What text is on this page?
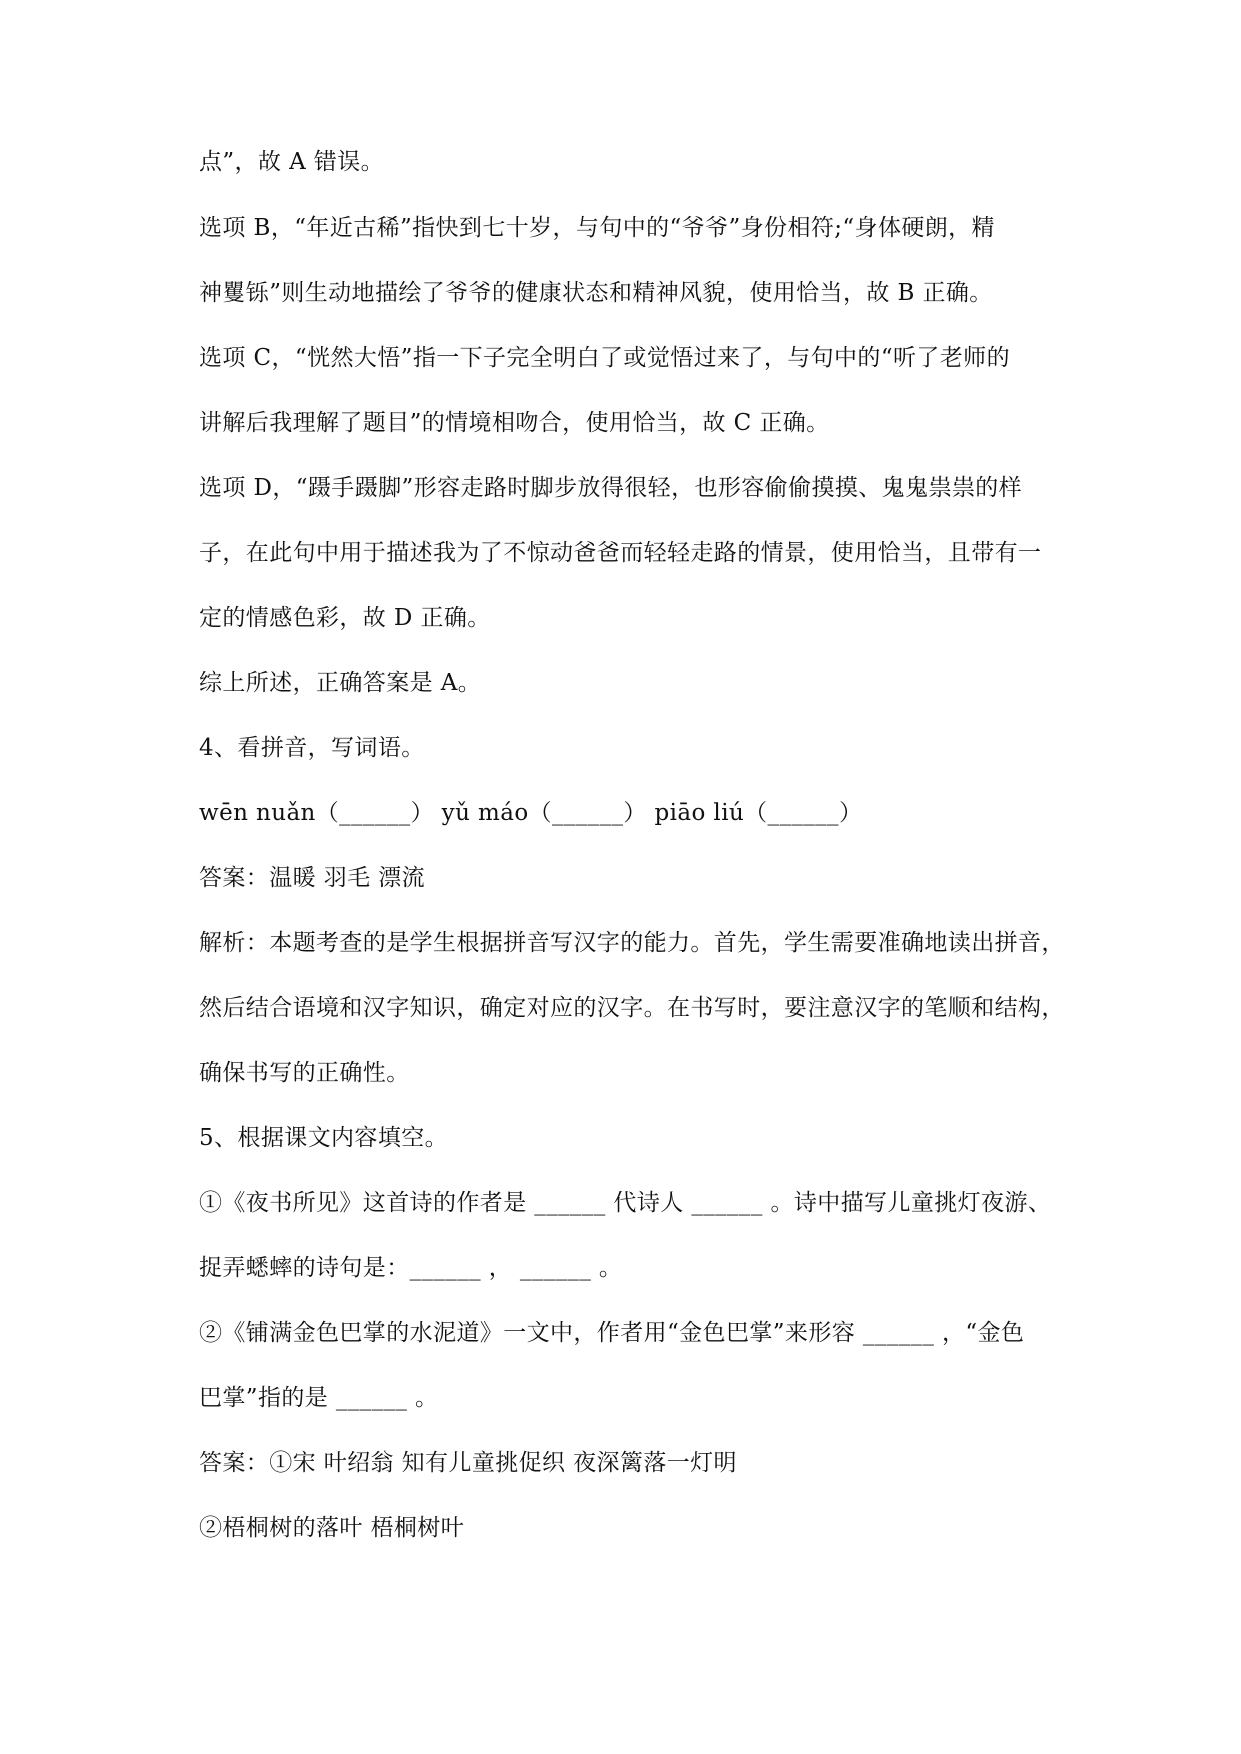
点”，故 A 错误。
选项 B，“年近古稀”指快到七十岁，与句中的“爷爷”身份相符;“身体硬朗，精
神矍铄”则生动地描绘了爷爷的健康状态和精神风貌，使用恰当，故 B 正确。
选项 C，“恍然大悟”指一下子完全明白了或觉悟过来了，与句中的“听了老师的
讲解后我理解了题目”的情境相吻合，使用恰当，故 C 正确。
选项 D，“蹑手蹑脚”形容走路时脚步放得很轻，也形容偷偷摸摸、鬼鬼祟祟的样
子，在此句中用于描述我为了不惊动爸爸而轻轻走路的情景，使用恰当，且带有一
定的情感色彩，故 D 正确。
综上所述，正确答案是 A。
4、看拼音，写词语。
wēn nuǎn（______） yǔ máo（______） piāo liú（______）
答案：温暖 羽毛 漂流
解析：本题考查的是学生根据拼音写汉字的能力。首先，学生需要准确地读出拼音，
然后结合语境和汉字知识，确定对应的汉字。在书写时，要注意汉字的笔顺和结构，
确保书写的正确性。
5、根据课文内容填空。
①《夜书所见》这首诗的作者是 ______ 代诗人 ______ 。诗中描写儿童挑灯夜游、
捉弄蟋蟀的诗句是：______ ， ______ 。
②《铺满金色巴掌的水泥道》一文中，作者用“金色巴掌”来形容 ______ ，“金色
巴掌”指的是 ______ 。
答案：①宋 叶绍翁 知有儿童挑促织 夜深篱落一灯明
②梧桐树的落叶 梧桐树叶
